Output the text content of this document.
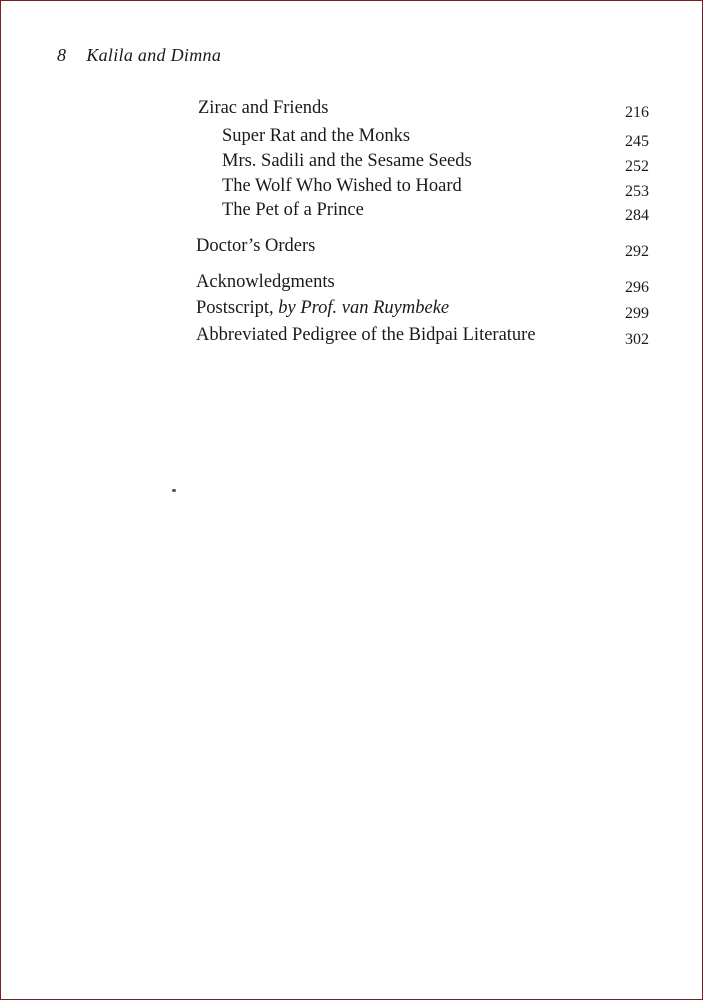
8 Kalila and Dimna
Zirac and Friends	216
Super Rat and the Monks	245
Mrs. Sadili and the Sesame Seeds	252
The Wolf Who Wished to Hoard	253
The Pet of a Prince	284
Doctor’s Orders	292
Acknowledgments	296
Postscript, by Prof. van Ruymbeke	299
Abbreviated Pedigree of the Bidpai Literature	302
